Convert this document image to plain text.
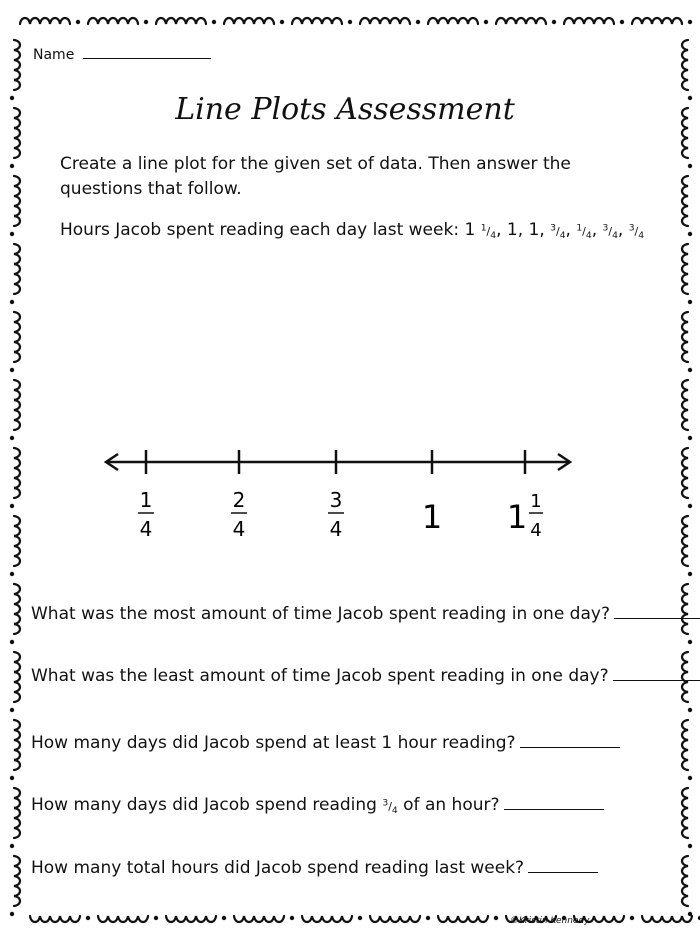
Name
Line Plots Assessment
Create a line plot for the given set of data. Then answer the questions that follow.
Hours Jacob spent reading each day last week: 1 $^1/_4$, 1, 1, $^3/_4$, $^1/_4$, $^3/_4$, $^3/_4$
1
4
2
4
3
4 1 1 1
4
What was the most amount of time Jacob spent reading in one day?
What was the least amount of time Jacob spent reading in one day?
How many days did Jacob spend at least 1 hour reading?
How many days did Jacob spend reading $^3/_4$ of an hour?
How many total hours did Jacob spend reading last week?
©Kristin Kennedy
